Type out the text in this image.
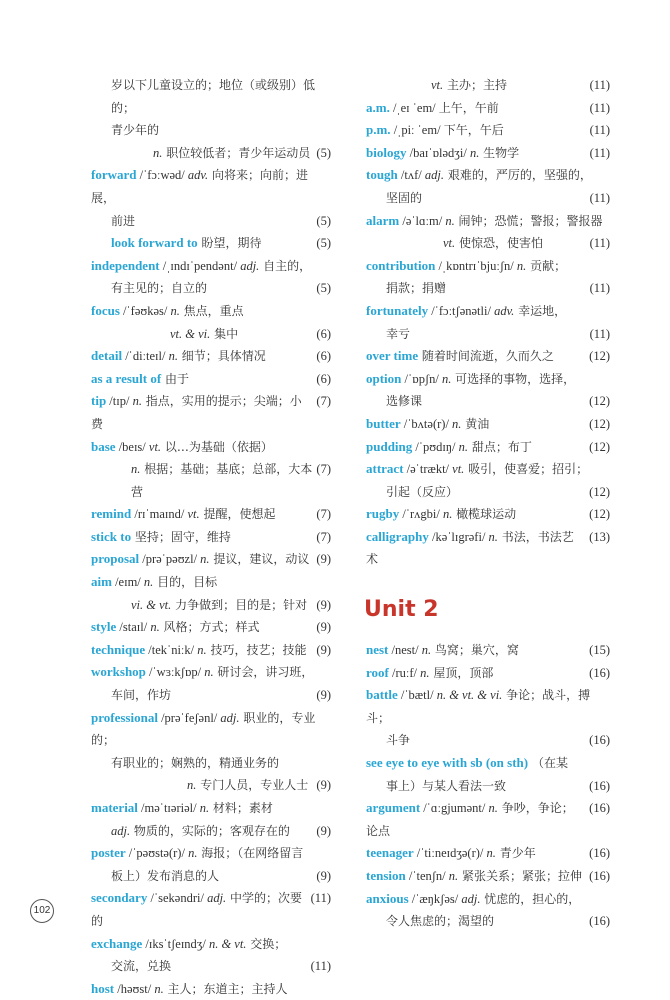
岁以下儿童设立的；地位（或级别）低的；
青少年的
n. 职位较低者；青少年运动员 (5)
forward /ˈfɔːwəd/ adv. 向将来；向前；进展，
前进	(5)
look forward to 盼望，期待	(5)
independent /ˌɪndɪˈpendənt/ adj. 自主的，
有主见的；自立的	(5)
focus /ˈfəʊkəs/ n. 焦点，重点
vt. & vi. 集中	(6)
detail /ˈdiːteɪl/ n. 细节；具体情况	(6)
as a result of 由于	(6)
tip /tɪp/ n. 指点，实用的提示；尖端；小费
(7)
base /beɪs/ vt. 以…为基础（依据）
n. 根据；基础；基底；总部，大本营
(7)
remind /rɪˈmaɪnd/ vt. 提醒，使想起	(7)
stick to 坚持；固守，维持	(7)
proposal /prəˈpəʊzl/ n. 提议，建议，动议 (9)
aim /eɪm/ n. 目的，目标
vi. & vt. 力争做到；目的是；针对 (9)
style /staɪl/ n. 风格；方式；样式	(9)
technique /tekˈniːk/ n. 技巧，技艺；技能 (9)
workshop /ˈwɜːkʃɒp/ n. 研讨会，讲习班，
车间，作坊	(9)
professional /prəˈfeʃənl/ adj. 职业的，专业的；
有职业的；娴熟的，精通业务的
n. 专门人员，专业人士 (9)
material /məˈtɪəriəl/ n. 材料；素材
adj. 物质的，实际的；客观存在的	(9)
poster /ˈpəʊstə(r)/ n. 海报；（在网络留言
板上）发布消息的人	(9)
secondary /ˈsekəndri/ adj. 中学的；次要的
(11)
exchange /ɪksˈtʃeɪndʒ/ n. & vt. 交换；
交流，兑换	(11)
host /həʊst/ n. 主人；东道主；主持人
vt. 主办；主持	(11)
a.m. /ˌeɪ ˈem/ 上午，午前	(11)
p.m. /ˌpiː ˈem/ 下午，午后	(11)
biology /baɪˈɒlədʒi/ n. 生物学	(11)
tough /tʌf/ adj. 艰难的，严厉的，坚强的，
坚固的	(11)
alarm /əˈlɑːm/ n. 闹钟；恐慌；警报；警报器
vt. 使惊恐，使害怕	(11)
contribution /ˌkɒntrɪˈbjuːʃn/ n. 贡献；
捐款；捐赠	(11)
fortunately /ˈfɔːtʃənətli/ adv. 幸运地，
幸亏	(11)
over time 随着时间流逝，久而久之	(12)
option /ˈɒpʃn/ n. 可选择的事物，选择，
选修课	(12)
butter /ˈbʌtə(r)/ n. 黄油	(12)
pudding /ˈpʊdɪŋ/ n. 甜点；布丁	(12)
attract /əˈtrækt/ vt. 吸引，使喜爱；招引；
引起（反应）	(12)
rugby /ˈrʌgbi/ n. 橄榄球运动	(12)
calligraphy /kəˈlɪgrəfi/ n. 书法，书法艺术
(13)
Unit 2
nest /nest/ n. 鸟窝；巢穴，窝	(15)
roof /ruːf/ n. 屋顶，顶部	(16)
battle /ˈbætl/ n. & vt. & vi. 争论；战斗，搏斗；
斗争	(16)
see eye to eye with sb (on sth) （在某
事上）与某人看法一致	(16)
argument /ˈɑːgjumənt/ n. 争吵，争论；论点
(16)
teenager /ˈtiːneɪdʒə(r)/ n. 青少年	(16)
tension /ˈtenʃn/ n. 紧张关系；紧张；拉伸 (16)
anxious /ˈæŋkʃəs/ adj. 忧虑的，担心的，
令人焦虑的；渴望的	(16)
102
